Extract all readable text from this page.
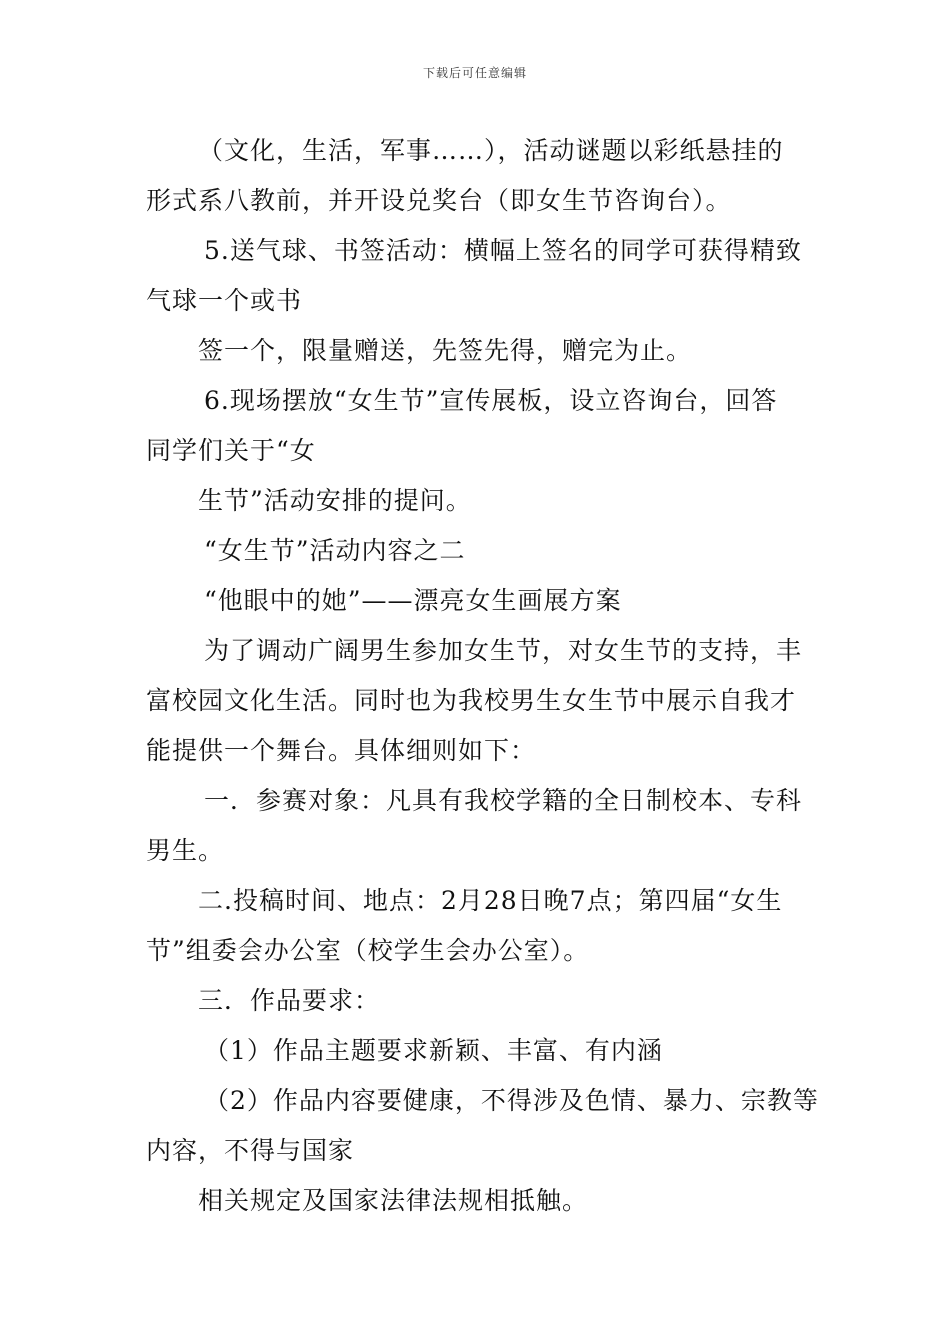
下载后可任意编辑
（文化，生活，军事……），活动谜题以彩纸悬挂的
形式系八教前，并开设兑奖台（即女生节咨询台）。
5.送气球、书签活动：横幅上签名的同学可获得精致
气球一个或书
签一个，限量赠送，先签先得，赠完为止。
6.现场摆放“女生节”宣传展板，设立咨询台，回答
同学们关于“女
生节”活动安排的提问。
“女生节”活动内容之二
“他眼中的她”——漂亮女生画展方案
为了调动广阔男生参加女生节，对女生节的支持，丰
富校园文化生活。同时也为我校男生女生节中展示自我才
能提供一个舞台。具体细则如下：
一．参赛对象：凡具有我校学籍的全日制校本、专科
男生。
二.投稿时间、地点：2月28日晚7点；第四届“女生
节”组委会办公室（校学生会办公室）。
三．作品要求：
（1）作品主题要求新颖、丰富、有内涵
（2）作品内容要健康，不得涉及色情、暴力、宗教等
内容，不得与国家
相关规定及国家法律法规相抵触。
